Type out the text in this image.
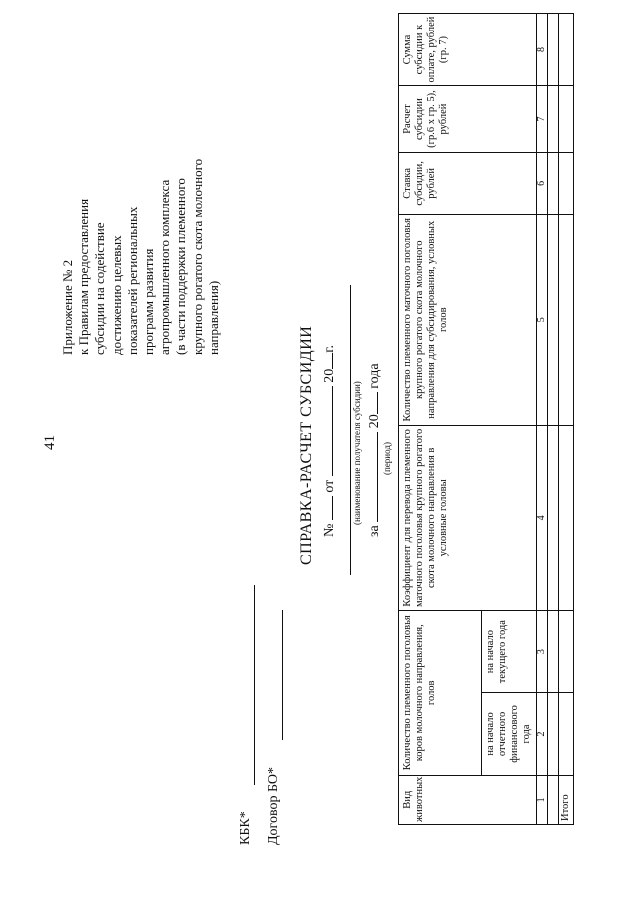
41
Приложение № 2 к Правилам предоставления субсидии на содействие достижению целевых показателей региональных программ развития агропромышленного комплекса (в части поддержки племенного крупного рогатого скота молочного направления)
КБК* Договор БО*
СПРАВКА-РАСЧЕТ СУБСИДИИ №  от  20г.
(наименование получателя субсидии)
за  20 года
(период)
Вид животных	Количество племенного поголовья коров молочного направления, голов		Коэффициент для перевода племенного маточного поголовья крупного рогатого скота молочного направления в условные головы	Количество племенного маточного поголовья крупного рогатого скота молочного направления для субсидирования, условных голов	Ставка субсидии, рублей	Расчет субсидии (гр.6 х гр. 5), рублей	Сумма субсидии к оплате, рублей (гр. 7)
	на начало отчетного финансового года	на начало текущего года					
1	2	3	4	5	6	7	8

Итого							
